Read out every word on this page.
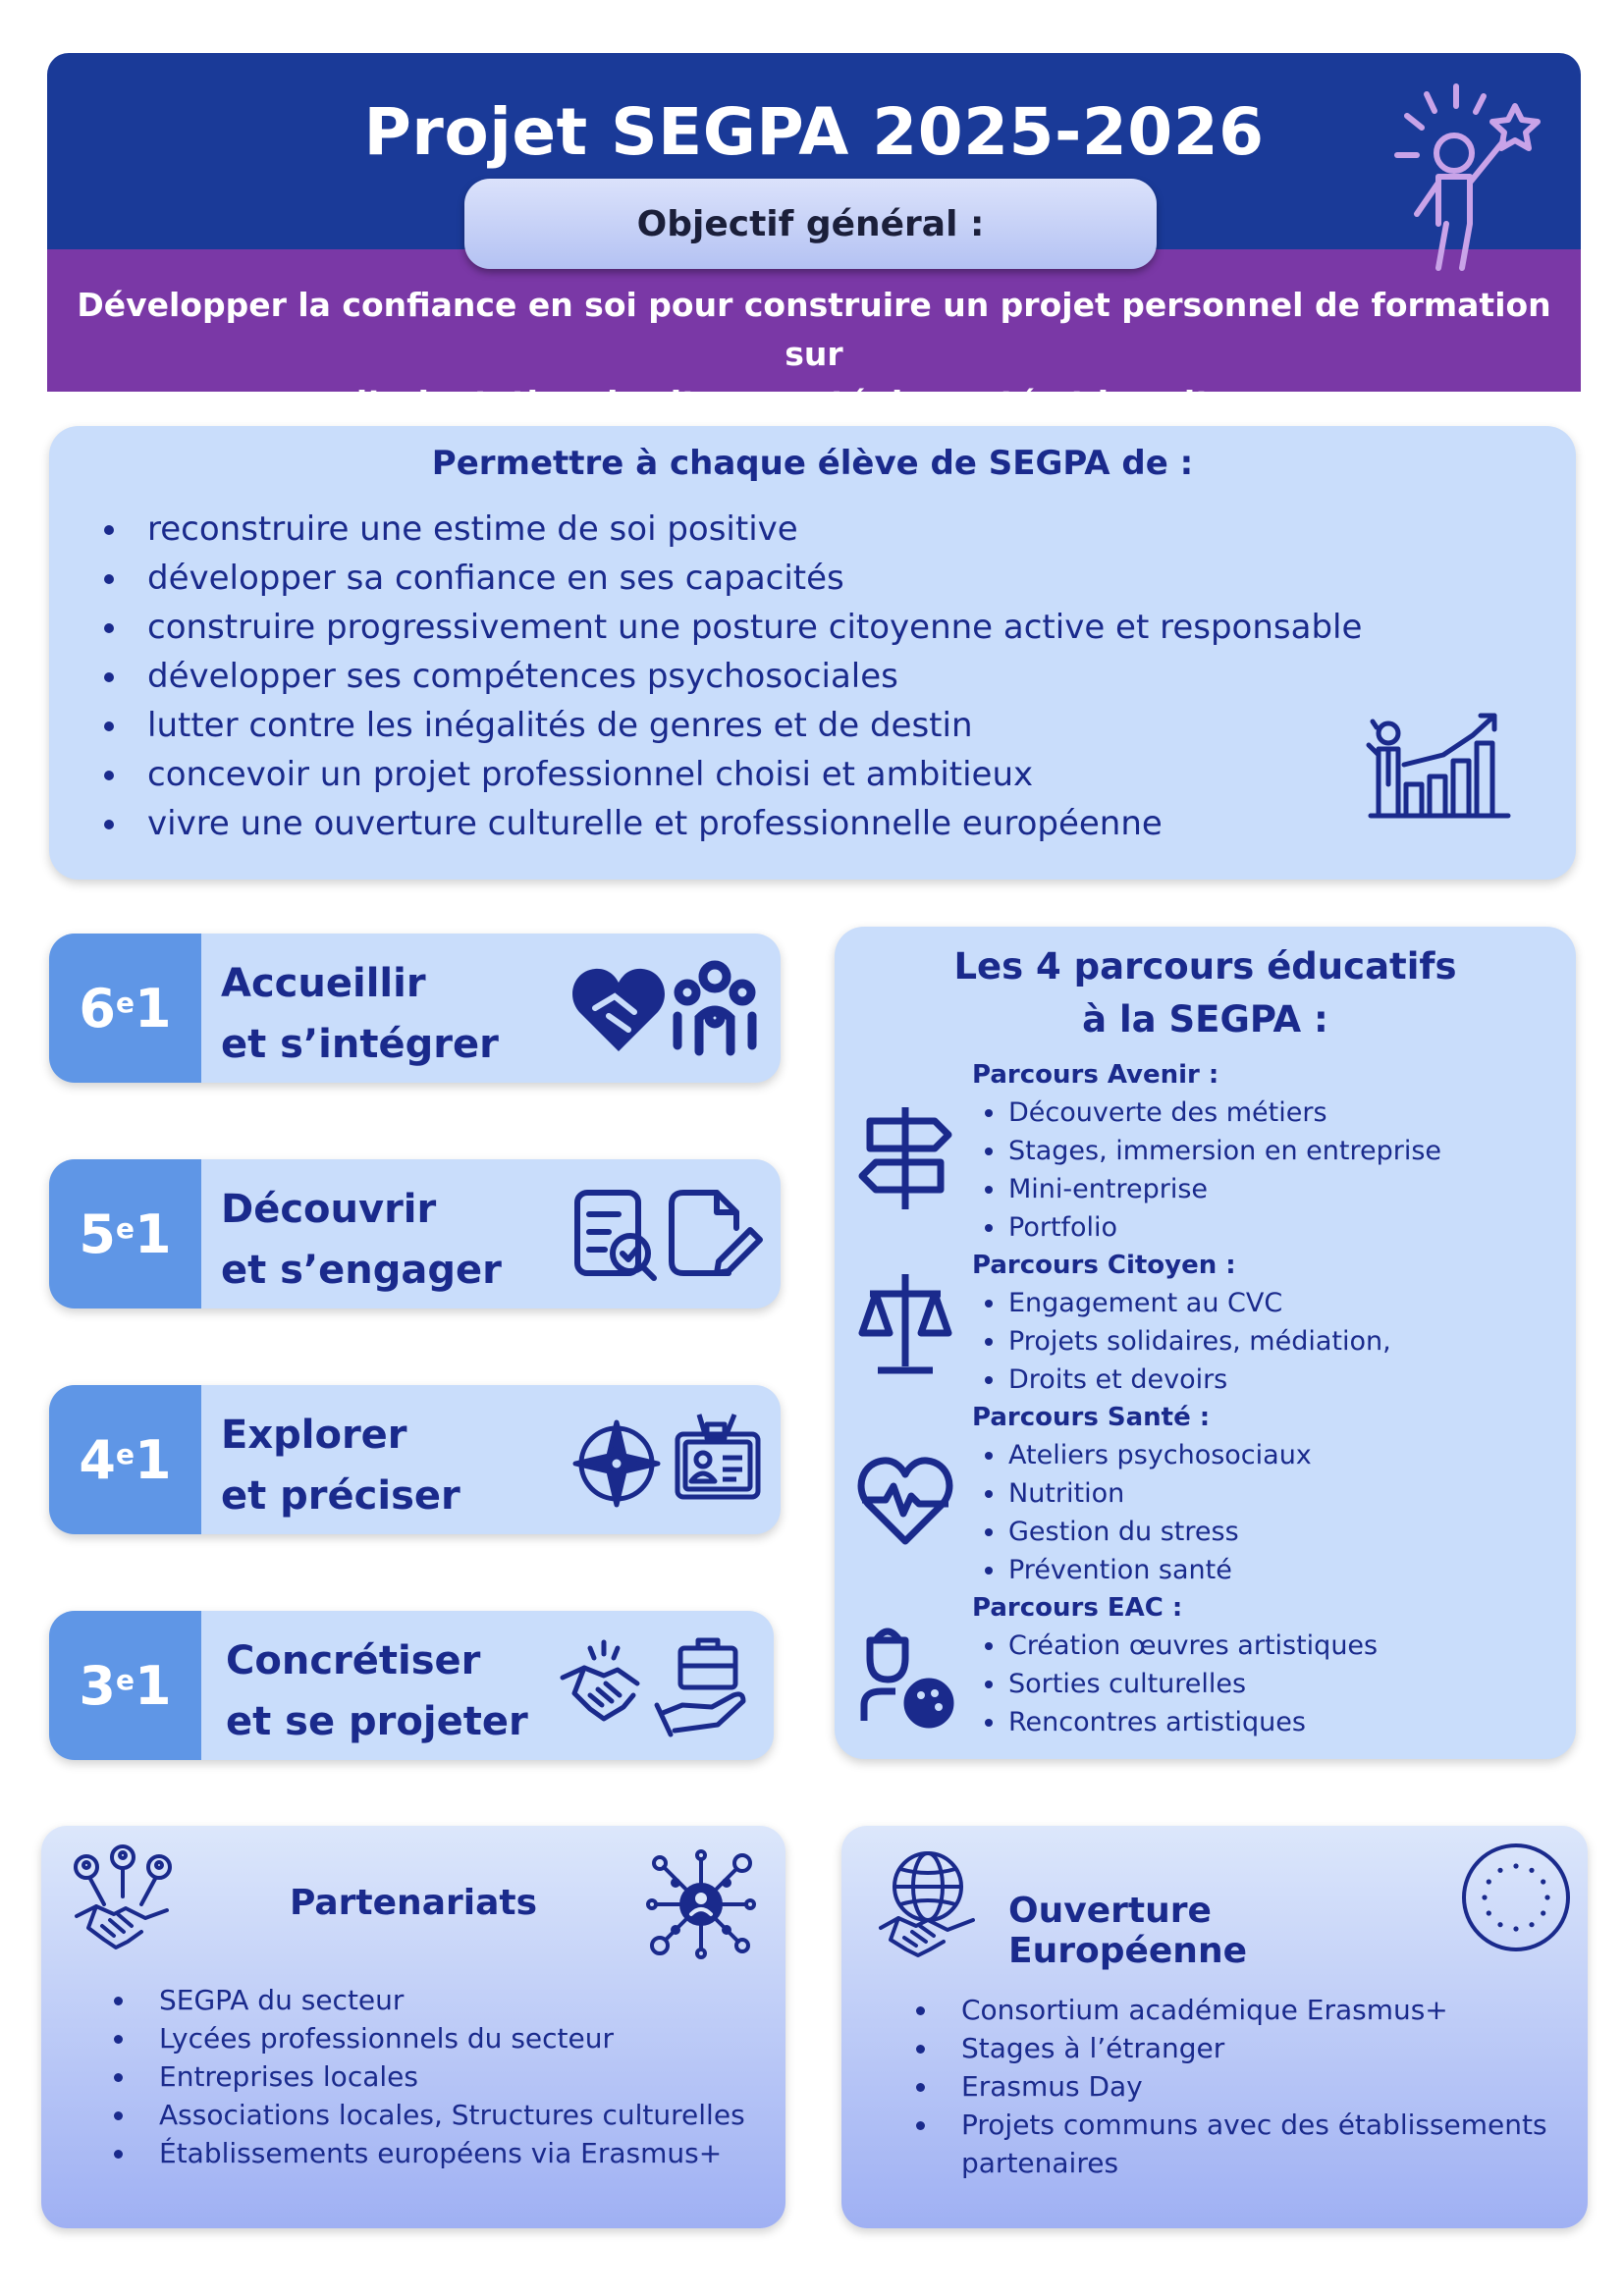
Projet SEGPA 2025-2026
Objectif général :
Développer la confiance en soi pour construire un projet personnel de formation sur
l’orientation, la citoyenneté, la santé et la culture
Permettre à chaque élève de SEGPA de :
reconstruire une estime de soi positive
développer sa confiance en ses capacités
construire progressivement une posture citoyenne active et responsable
développer ses compétences psychosociales
lutter contre les inégalités de genres et de destin
concevoir un projet professionnel choisi et ambitieux
vivre une ouverture culturelle et professionnelle européenne
6e 1 Accueillir
et s’intégrer
5e 1 Découvrir
et s’engager
4e 1 Explorer
et préciser
3e 1 Concrétiser
et se projeter
Les 4 parcours éducatifs
à la SEGPA :
Parcours Avenir :
Découverte des métiers
Stages, immersion en entreprise
Mini-entreprise
Portfolio
Parcours Citoyen :
Engagement au CVC
Projets solidaires, médiation,
Droits et devoirs
Parcours Santé :
Ateliers psychosociaux
Nutrition
Gestion du stress
Prévention santé
Parcours EAC :
Création œuvres artistiques
Sorties culturelles
Rencontres artistiques
Partenariats
SEGPA du secteur
Lycées professionnels du secteur
Entreprises locales
Associations locales, Structures culturelles
Établissements européens via Erasmus+
Ouverture Européenne
Consortium académique Erasmus+
Stages à l’étranger
Erasmus Day
Projets communs avec des établissements
partenaires
